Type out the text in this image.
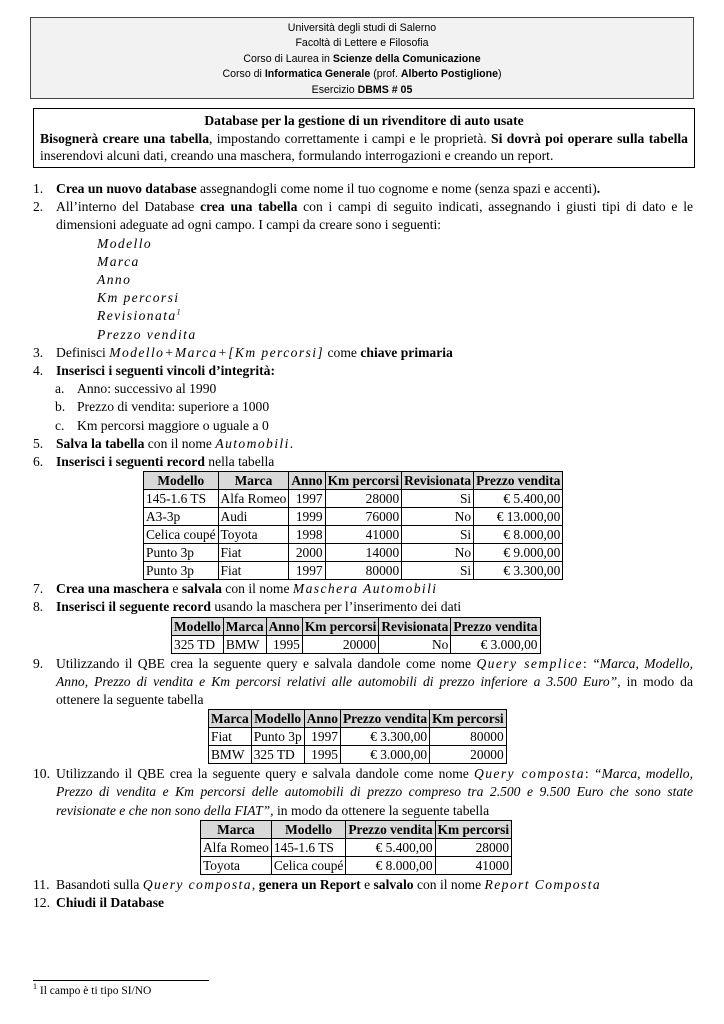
Università degli studi di Salerno
Facoltà di Lettere e Filosofia
Corso di Laurea in Scienze della Comunicazione
Corso di Informatica Generale (prof. Alberto Postiglione)
Esercizio DBMS # 05
Database per la gestione di un rivenditore di auto usate
Bisognerà creare una tabella, impostando correttamente i campi e le proprietà. Si dovrà poi operare sulla tabella inserendovi alcuni dati, creando una maschera, formulando interrogazioni e creando un report.
1. Crea un nuovo database assegnandogli come nome il tuo cognome e nome (senza spazi e accenti).
2. All’interno del Database crea una tabella con i campi di seguito indicati, assegnando i giusti tipi di dato e le dimensioni adeguate ad ogni campo. I campi da creare sono i seguenti:
Modello
Marca
Anno
Km percorsi
Revisionata$^1$
Prezzo vendita
3. Definisci Modello+Marca+[Km percorsi] come chiave primaria
4. Inserisci i seguenti vincoli d’integrità:
a. Anno: successivo al 1990
b. Prezzo di vendita: superiore a 1000
c. Km percorsi maggiore o uguale a 0
5. Salva la tabella con il nome Automobili.
6. Inserisci i seguenti record nella tabella
Modello	Marca	Anno	Km percorsi	Revisionata	Prezzo vendita
145-1.6 TS	Alfa Romeo	1997	28000	Si	€ 5.400,00
A3-3p	Audi	1999	76000	No	€ 13.000,00
Celica coupé	Toyota	1998	41000	Si	€ 8.000,00
Punto 3p	Fiat	2000	14000	No	€ 9.000,00
Punto 3p	Fiat	1997	80000	Si	€ 3.300,00
7. Crea una maschera e salvala con il nome Maschera Automobili
8. Inserisci il seguente record usando la maschera per l’inserimento dei dati
Modello	Marca	Anno	Km percorsi	Revisionata	Prezzo vendita
325 TD	BMW	1995	20000	No	€ 3.000,00
9. Utilizzando il QBE crea la seguente query e salvala dandole come nome Query semplice: “Marca, Modello, Anno, Prezzo di vendita e Km percorsi relativi alle automobili di prezzo inferiore a 3.500 Euro”, in modo da ottenere la seguente tabella
Marca	Modello	Anno	Prezzo vendita	Km percorsi
Fiat	Punto 3p	1997	€ 3.300,00	80000
BMW	325 TD	1995	€ 3.000,00	20000
10. Utilizzando il QBE crea la seguente query e salvala dandole come nome Query composta: “Marca, modello, Prezzo di vendita e Km percorsi delle automobili di prezzo compreso tra 2.500 e 9.500 Euro che sono state revisionate e che non sono della FIAT”, in modo da ottenere la seguente tabella
Marca	Modello	Prezzo vendita	Km percorsi
Alfa Romeo	145-1.6 TS	€ 5.400,00	28000
Toyota	Celica coupé	€ 8.000,00	41000
11. Basandoti sulla Query composta, genera un Report e salvalo con il nome Report Composta
12. Chiudi il Database
$^1$ Il campo è ti tipo SI/NO
